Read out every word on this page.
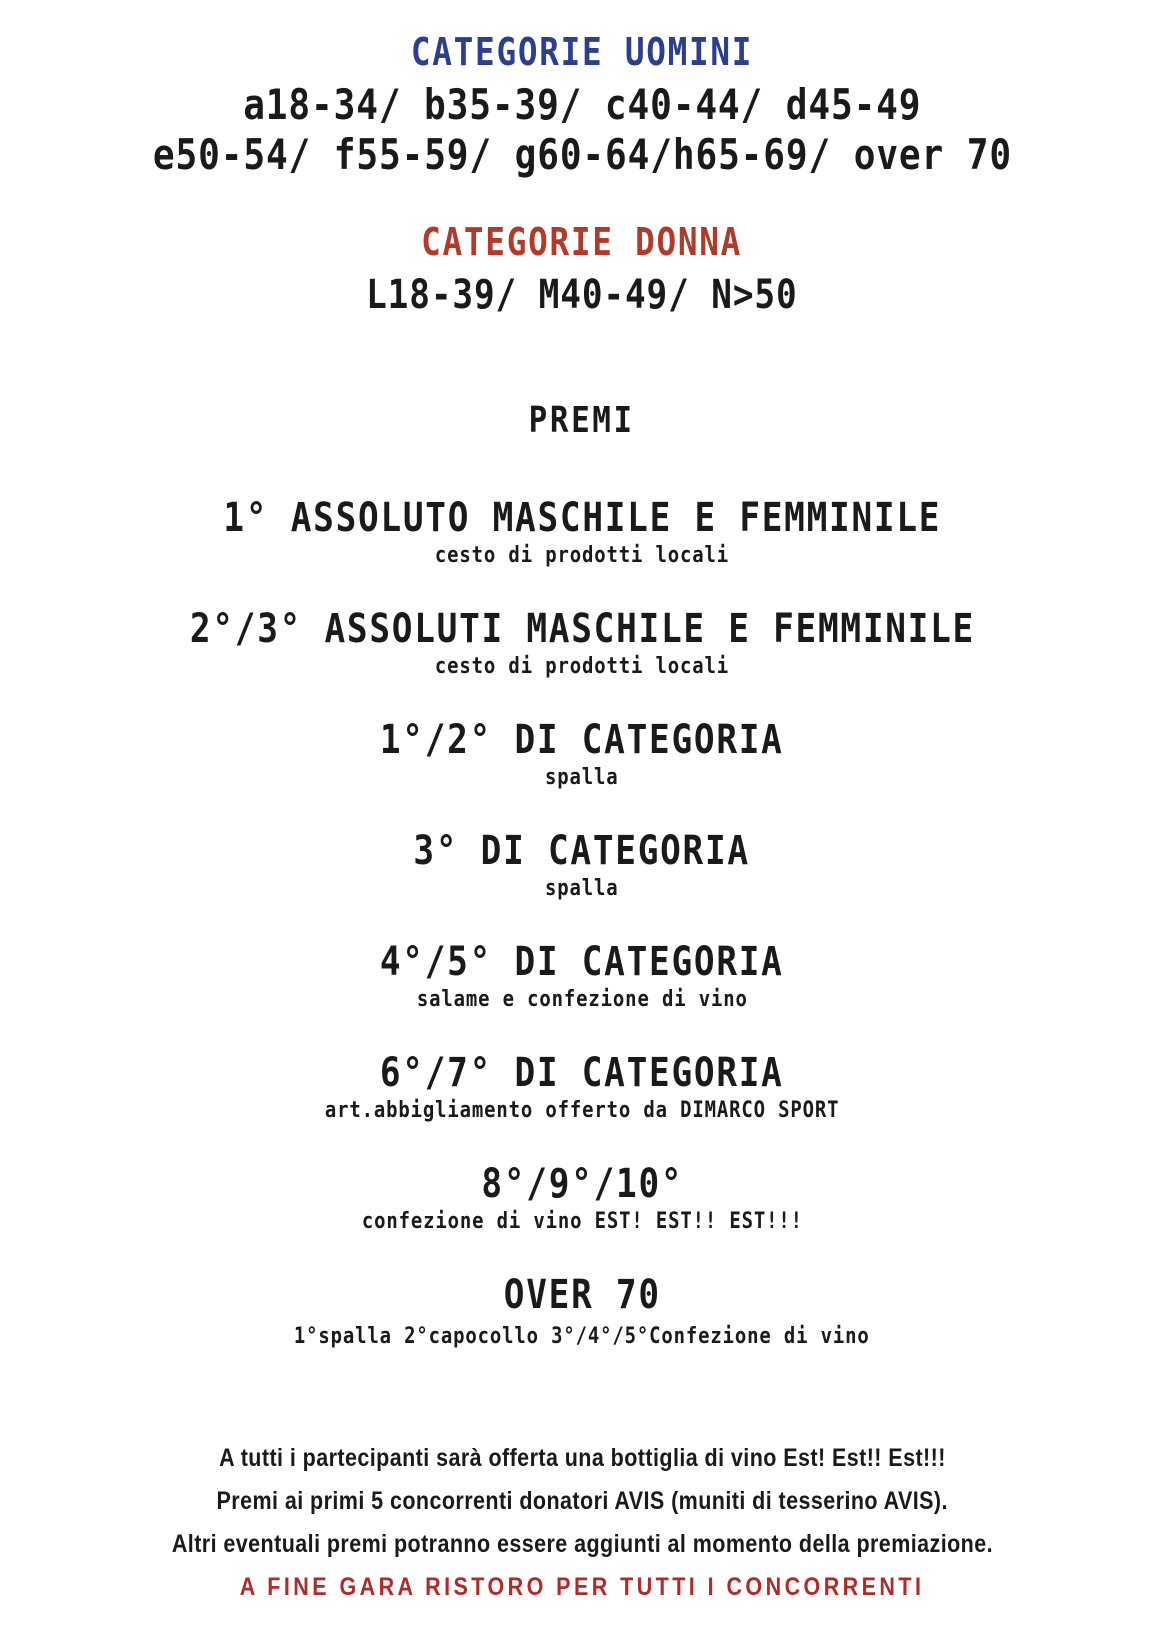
CATEGORIE UOMINI

a18-34/ b35-39/ c40-44/ d45-49

e50-54/ f55-59/ g60-64/h65-69/ over 70

CATEGORIE DONNA

L18-39/ M40-49/ N>50

PREMI

1° ASSOLUTO MASCHILE E FEMMINILE

cesto di prodotti locali

2°/3° ASSOLUTI MASCHILE E FEMMINILE

cesto di prodotti locali

1°/2° DI CATEGORIA

spalla

3° DI CATEGORIA

spalla

4°/5° DI CATEGORIA

salame e confezione di vino

6°/7° DI CATEGORIA

art.abbigliamento offerto da DIMARCO SPORT

8°/9°/10°

confezione di vino EST! EST!! EST!!!

OVER 70

1°spalla 2°capocollo 3°/4°/5°Confezione di vino

A tutti i partecipanti sarà offerta una bottiglia di vino Est! Est!! Est!!!

Premi ai primi 5 concorrenti donatori AVIS (muniti di tesserino AVIS).

Altri eventuali premi potranno essere aggiunti al momento della premiazione.

A FINE GARA RISTORO PER TUTTI I CONCORRENTI
